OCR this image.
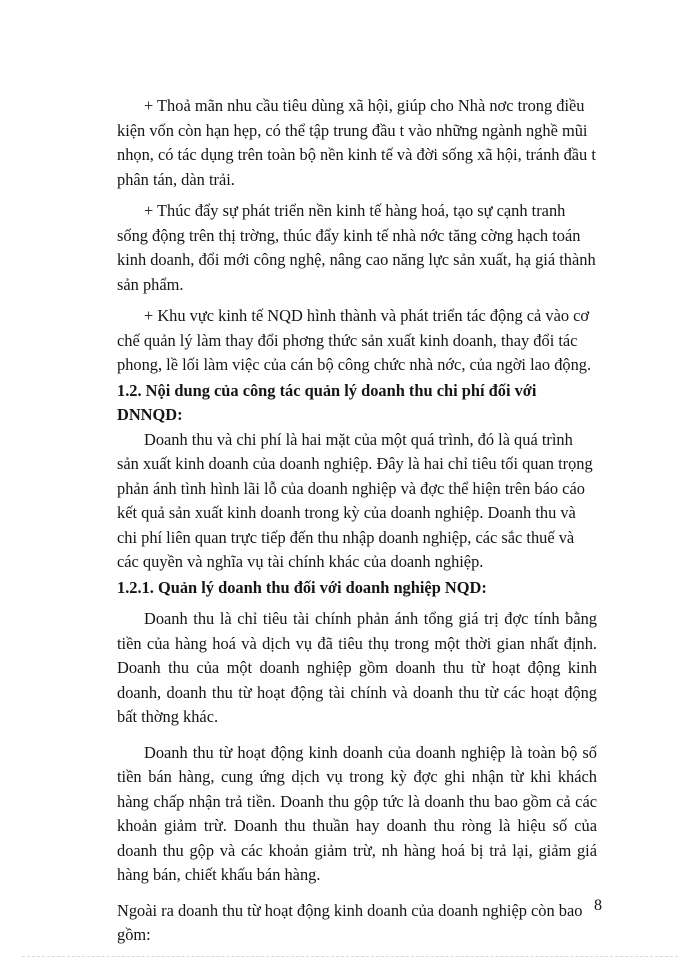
+ Thoả mãn nhu cầu tiêu dùng xã hội, giúp cho Nhà nơc trong điều kiện vốn còn hạn hẹp, có thể tập trung đầu t vào những ngành nghề mũi nhọn, có tác dụng trên toàn bộ nền kinh tế và đời sống xã hội, tránh đầu t phân tán, dàn trải.

+ Thúc đẩy sự phát triển nền kinh tế hàng hoá, tạo sự cạnh tranh sống động trên thị trờng, thúc đẩy kinh tế nhà nớc tăng cờng hạch toán kinh doanh, đổi mới công nghệ, nâng cao năng lực sản xuất, hạ giá thành sản phẩm.

+ Khu vực kinh tế NQD hình thành và phát triển tác động cả vào cơ chế quản lý làm thay đổi phơng thức sản xuất kinh doanh, thay đổi tác phong, lề lối làm việc của cán bộ công chức nhà nớc, của ngời lao động.

1.2. Nội dung của công tác quản lý doanh thu chi phí đối với DNNQD:

Doanh thu và chi phí là hai mặt của một quá trình, đó là quá trình sản xuất kinh doanh của doanh nghiệp. Đây là hai chỉ tiêu tối quan trọng phản ánh tình hình lãi lỗ của doanh nghiệp và đợc thể hiện trên báo cáo kết quả sản xuất kinh doanh trong kỳ của doanh nghiệp. Doanh thu và chi phí liên quan trực tiếp đến thu nhập doanh nghiệp, các sắc thuế và các quyền và nghĩa vụ tài chính khác của doanh nghiệp.

1.2.1. Quản lý doanh thu đối với doanh nghiệp NQD:

Doanh thu là chỉ tiêu tài chính phản ánh tổng giá trị đợc tính bằng tiền của hàng hoá và dịch vụ đã tiêu thụ trong một thời gian nhất định. Doanh thu của một doanh nghiệp gồm doanh thu từ hoạt động kinh doanh, doanh thu từ hoạt động tài chính và doanh thu từ các hoạt động bất thờng khác.

Doanh thu từ hoạt động kinh doanh của doanh nghiệp là toàn bộ số tiền bán hàng, cung ứng dịch vụ trong kỳ đợc ghi nhận từ khi khách hàng chấp nhận trả tiền. Doanh thu gộp tức là doanh thu bao gồm cả các khoản giảm trừ. Doanh thu thuần hay doanh thu ròng là hiệu số của doanh thu gộp và các khoản giảm trừ, nh hàng hoá bị trả lại, giảm giá hàng bán, chiết khấu bán hàng.

Ngoài ra doanh thu từ hoạt động kinh doanh của doanh nghiệp còn bao gồm:

8
